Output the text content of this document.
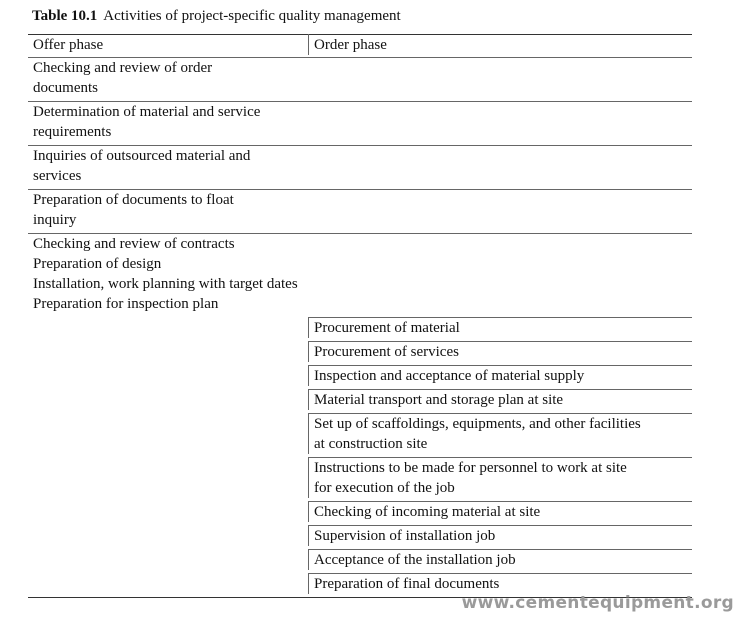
Table 10.1 Activities of project-specific quality management
Offer phase	Order phase
Checking and review of order
documents
Determination of material and service
requirements
Inquiries of outsourced material and
services
Preparation of documents to float
inquiry
Checking and review of contracts
Preparation of design
Installation, work planning with target dates
Preparation for inspection plan
Procurement of material
Procurement of services
Inspection and acceptance of material supply
Material transport and storage plan at site
Set up of scaffoldings, equipments, and other facilities
at construction site
Instructions to be made for personnel to work at site
for execution of the job
Checking of incoming material at site
Supervision of installation job
Acceptance of the installation job
Preparation of final documents
www.cementequipment.org
